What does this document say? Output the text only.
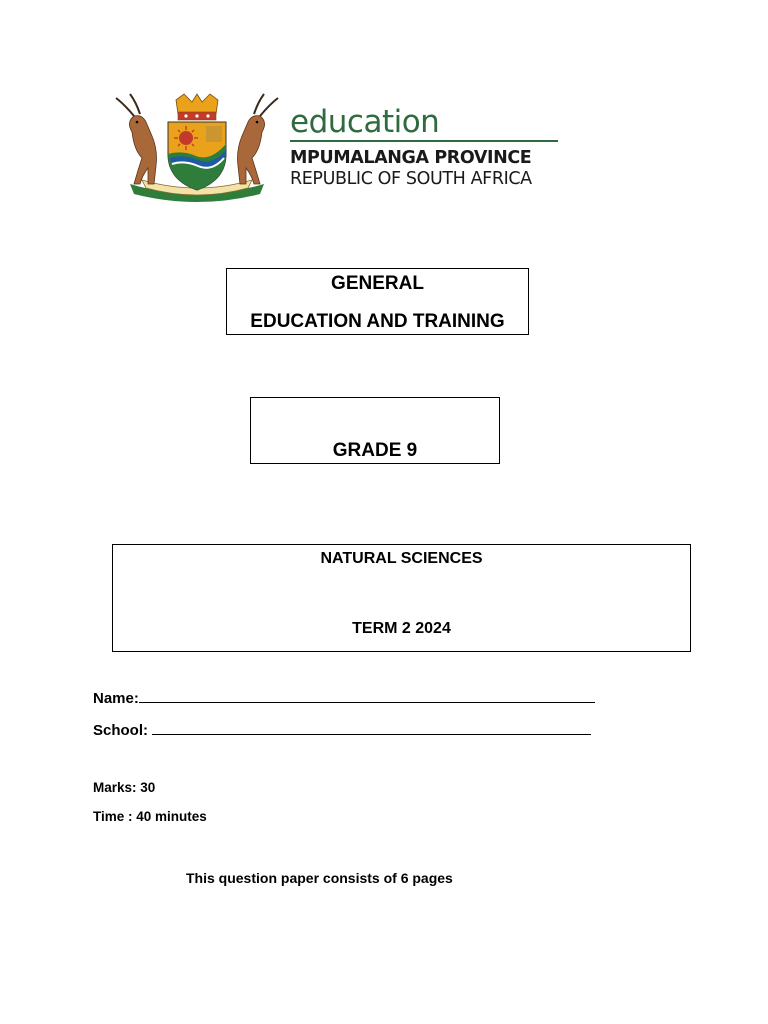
education
MPUMALANGA PROVINCE
REPUBLIC OF SOUTH AFRICA
GENERAL
EDUCATION AND TRAINING
GRADE 9
NATURAL SCIENCES
TERM 2 2024
Name:
School:
Marks: 30
Time : 40 minutes
This question paper consists of 6 pages
